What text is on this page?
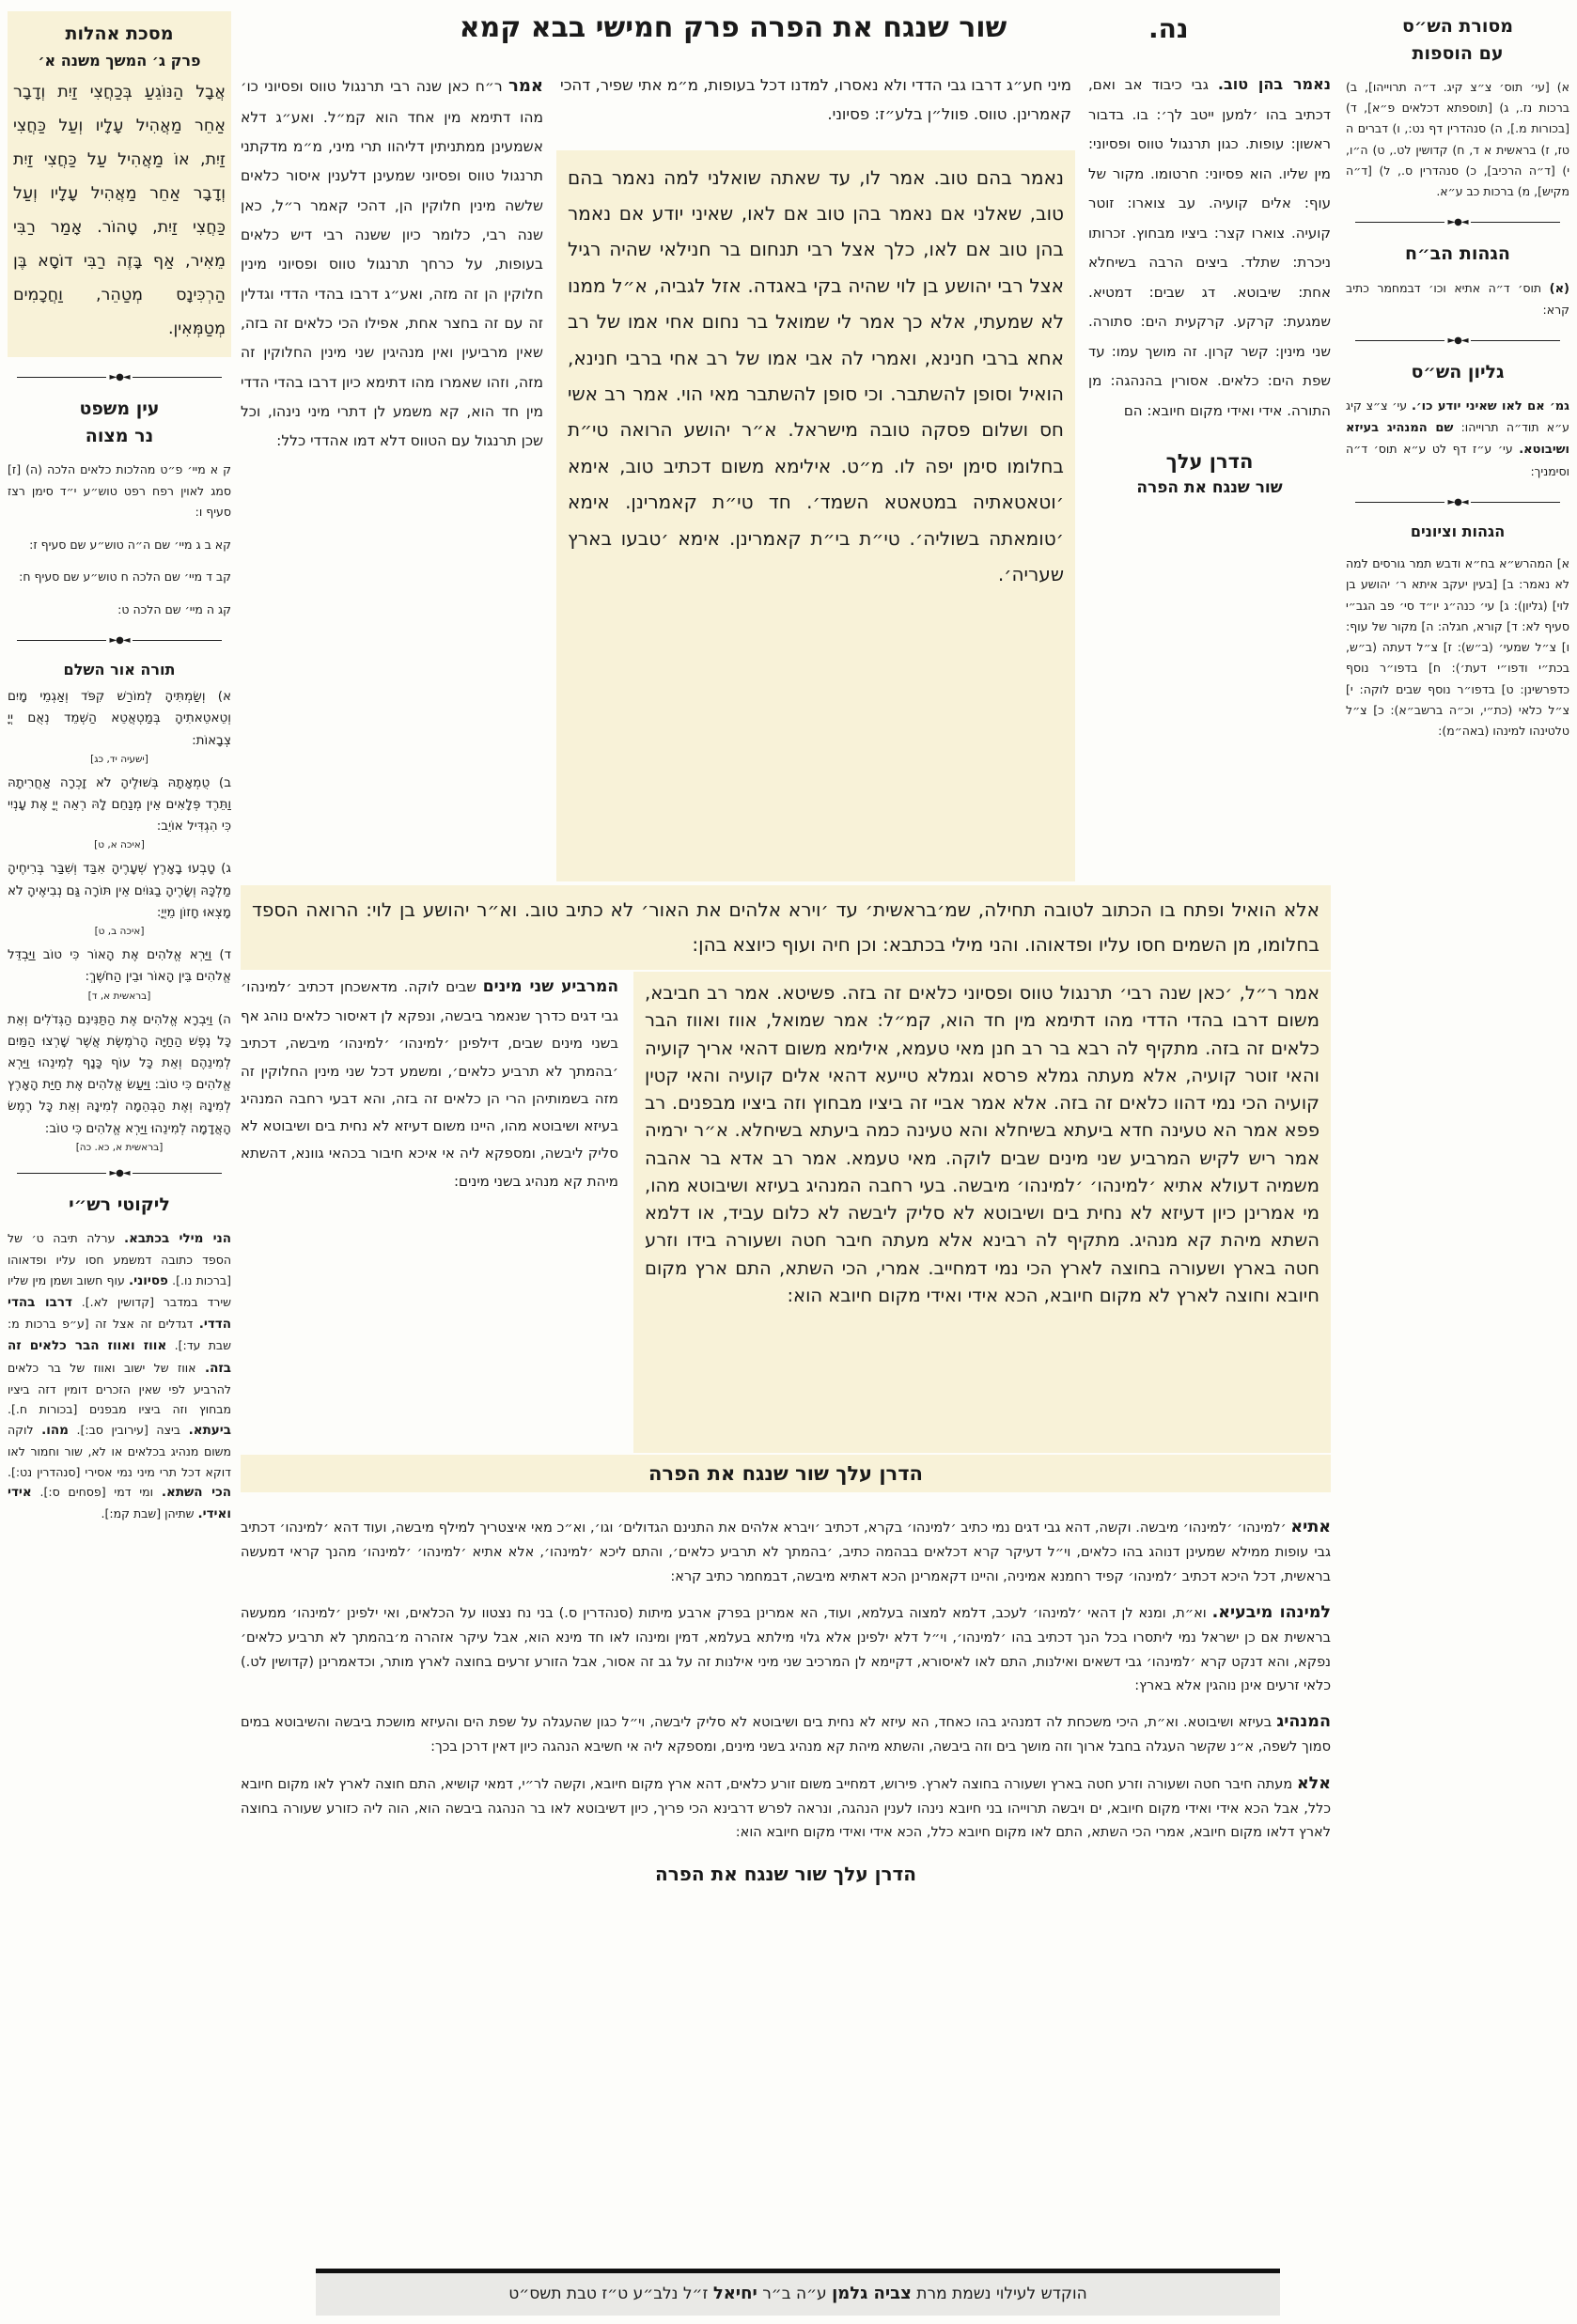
שור שנגח את הפרה פרק חמישי בבא קמא	נה.
מסכת אהלות
פרק ג׳ המשך משנה א׳
אֲבָל הַנּוֹגֵעַ בְּכַחֲצִי זַיִת וְדָבָר אַחֵר מַאֲהִיל עָלָיו וְעַל כַּחֲצִי זַיִת, אוֹ מַאֲהִיל עַל כַּחֲצִי זַיִת וְדָבָר אַחֵר מַאֲהִיל עָלָיו וְעַל כַּחֲצִי זַיִת, טָהוֹר. אָמַר רַבִּי מֵאִיר, אַף בָּזֶה רַבִּי דוֹסָא בֶּן הַרְכִּינָס מְטַהֵר, וַחֲכָמִים מְטַמְּאִין.
◄●►
עין משפט
נר מצוה

ק א מיי׳ פ״ט מהלכות כלאים הלכה (ה) [ז] סמג לאוין רפח רפט טוש״ע י״ד סימן רצז סעיף ו:

קא ב ג מיי׳ שם ה״ה טוש״ע שם סעיף ז:

קב ד מיי׳ שם הלכה ח טוש״ע שם סעיף ח:

קג ה מיי׳ שם הלכה ט:

◄●►
תורה אור השלם

א) וְשַׂמְתִּיהָ לְמוֹרַשׁ קִפֹּד וְאַגְמֵי מָיִם וְטֵאטֵאתִיהָ בְּמַטְאֲטֵא הַשְׁמֵד נְאֻם יְיָ צְבָאוֹת:

[ישעיה יד, כג]

ב) טֻמְאָתָהּ בְּשׁוּלֶיהָ לֹא זָכְרָה אַחֲרִיתָהּ וַתֵּרֶד פְּלָאִים אֵין מְנַחֵם לָהּ רְאֵה יְיָ אֶת עָנְיִי כִּי הִגְדִּיל אוֹיֵב:

[איכה א, ט]

ג) טָבְעוּ בָאָרֶץ שְׁעָרֶיהָ אִבַּד וְשִׁבַּר בְּרִיחֶיהָ מַלְכָּהּ וְשָׂרֶיהָ בַגּוֹיִם אֵין תּוֹרָה גַּם נְבִיאֶיהָ לֹא מָצְאוּ חָזוֹן מֵיְיָ:

[איכה ב, ט]

ד) וַיַּרְא אֱלֹהִים אֶת הָאוֹר כִּי טוֹב וַיַּבְדֵּל אֱלֹהִים בֵּין הָאוֹר וּבֵין הַחֹשֶׁךְ:

[בראשית א, ד]

ה) וַיִּבְרָא אֱלֹהִים אֶת הַתַּנִּינִם הַגְּדֹלִים וְאֵת כָּל נֶפֶשׁ הַחַיָּה הָרֹמֶשֶׂת אֲשֶׁר שָׁרְצוּ הַמַּיִם לְמִינֵהֶם וְאֵת כָּל עוֹף כָּנָף לְמִינֵהוּ וַיַּרְא אֱלֹהִים כִּי טוֹב: וַיַּעַשׂ אֱלֹהִים אֶת חַיַּת הָאָרֶץ לְמִינָהּ וְאֶת הַבְּהֵמָה לְמִינָהּ וְאֵת כָּל רֶמֶשׂ הָאֲדָמָה לְמִינֵהוּ וַיַּרְא אֱלֹהִים כִּי טוֹב:

[בראשית א, כא. כה]

◄●►
ליקוטי רש״י

הני מילי בכתבא. ערלה תיבה ט׳ של הספד כתובה דמשמע חסו עליו ופדאוהו [ברכות נו.]. פסיוני. עוף חשוב ושמן מין שליו שירד במדבר [קדושין לא.]. דרבו בהדי הדדי. דגדלים זה אצל זה [ע״פ ברכות מ: שבת עד:]. אווז ואווז הבר כלאים זה בזה. אווז של ישוב ואווז של בר כלאים להרביע לפי שאין הזכרים דומין דזה ביציו מבחוץ וזה ביציו מבפנים [בכורות ח.]. ביעתא. ביצה [עירובין סב:]. מהו. לוקה משום מנהיג בכלאים או לא, שור וחמור לאו דוקא דכל תרי מיני נמי אסירי [סנהדרין נט:]. הכי השתא. ומי דמי [פסחים ס:]. אידי ואידי. שתיהן [שבת קמ:].

מסורת הש״ס
עם הוספות

א) [עי׳ תוס׳ צ״צ קיג. ד״ה תרוייהו], ב) ברכות נז., ג) [תוספתא דכלאים פ״א], ד) [בכורות מ.], ה) סנהדרין דף נט:, ו) דברים ה טז, ז) בראשית א ד, ח) קדושין לט., ט) ה״ו, י) [ד״ה הרכיב], כ) סנהדרין ס., ל) [ד״ה מקיש], מ) ברכות כב ע״א.

◄●►
הגהות הב״ח

(א) תוס׳ ד״ה אתיא וכו׳ דבמחמר כתיב קרא:

◄●►
גליון הש״ס

גמ׳ אם לאו שאיני יודע כו׳. עי׳ צ״צ קיג ע״א תוד״ה תרוייהו: שם המנהיג בעיזא ושיבוטא. עי׳ ע״ז דף לט ע״א תוס׳ ד״ה וסימניך:

◄●►
הגהות וציונים

א] המהרש״א בח״א ודבש תמר גורסים למה לא נאמר: ב] [בעין יעקב איתא ר׳ יהושע בן לוי] (גליון): ג] עי׳ כנה״ג יו״ד סי׳ פב הגב״י סעיף לא: ד] קורא, חגלה: ה] מקור של עוף: ו] צ״ל שמעי׳ (ב״ש): ז] צ״ל דעתה (ב״ש, בכת״י ודפו״י דעת׳): ח] בדפו״ר נוסף כדפרשינן: ט] בדפו״ר נוסף שבים לוקה: י] צ״ל כלאי (כת״י, וכ״ה ברשב״א): כ] צ״ל טלטינהו למינהו (באה״מ):

נאמר בהן טוב. גבי כיבוד אב ואם, דכתיב בהו ׳למען ייטב לך׳: בו. בדבור ראשון: עופות. כגון תרנגול טווס ופסיוני: מין שליו. הוא פסיוני: חרטומו. מקור של עוף: אלים קועיה. עב צוארו: זוטר קועיה. צוארו קצר: ביציו מבחוץ. זכרותו ניכרת: שתלד. ביצים הרבה בשיחלא אחת: שיבוטא. דג שבים: דמטיא. שמגעת: קרקע. קרקעית הים: סתורה. שני מינין: קשר קרון. זה מושך עמו: עד שפת הים: כלאים. אסורין בהנהגה: מן התורה. אידי ואידי מקום חיובא: הם

הדרן עלך
שור שנגח את הפרה

מיני חע״ג דרבו גבי הדדי ולא נאסרו, למדנו דכל בעופות, מ״מ אתי שפיר, דהכי קאמרינן. טווס. פוול״ן בלע״ז: פסיוני.

נאמר בהם טוב. אמר לו, עד שאתה שואלני למה נאמר בהם טוב, שאלני אם נאמר בהן טוב אם לאו, שאיני יודע אם נאמר בהן טוב אם לאו, כלך אצל רבי תנחום בר חנילאי שהיה רגיל אצל רבי יהושע בן לוי שהיה בקי באגדה. אזל לגביה, א״ל ממנו לא שמעתי, אלא כך אמר לי שמואל בר נחום אחי אמו של רב אחא ברבי חנינא, ואמרי לה אבי אמו של רב אחי ברבי חנינא, הואיל וסופן להשתבר. וכי סופן להשתבר מאי הוי. אמר רב אשי חס ושלום פסקה טובה מישראל. א״ר יהושע הרואה טי״ת בחלומו סימן יפה לו. מ״ט. אילימא משום דכתיב טוב, אימא ׳וטאטאתיה במטאטא השמד׳. חד טי״ת קאמרינן. אימא ׳טומאתה בשוליה׳. טי״ת בי״ת קאמרינן. אימא ׳טבעו בארץ שעריה׳.

אמר ר״ח כאן שנה רבי תרנגול טווס ופסיוני כו׳ מהו דתימא מין אחד הוא קמ״ל. ואע״ג דלא אשמעינן ממתניתין דליהוו תרי מיני, מ״מ מדקתני תרנגול טווס ופסיוני שמעינן דלענין איסור כלאים שלשה מינין חלוקין הן, דהכי קאמר ר״ל, כאן שנה רבי, כלומר כיון ששנה רבי דיש כלאים בעופות, על כרחך תרנגול טווס ופסיוני מינין חלוקין הן זה מזה, ואע״ג דרבו בהדי הדדי וגדלין זה עם זה בחצר אחת, אפילו הכי כלאים זה בזה, שאין מרביעין ואין מנהיגין שני מינין החלוקין זה מזה, וזהו שאמרו מהו דתימא כיון דרבו בהדי הדדי מין חד הוא, קא משמע לן דתרי מיני נינהו, וכל שכן תרנגול עם הטווס דלא דמו אהדדי כלל:

אלא הואיל ופתח בו הכתוב לטובה תחילה, שמ׳בראשית׳ עד ׳וירא אלהים את האור׳ לא כתיב טוב. וא״ר יהושע בן לוי: הרואה הספד בחלומו, מן השמים חסו עליו ופדאוהו. והני מילי בכתבא: וכן חיה ועוף כיוצא בהן:
אמר ר״ל, ׳כאן שנה רבי׳ תרנגול טווס ופסיוני כלאים זה בזה. פשיטא. אמר רב חביבא, משום דרבו בהדי הדדי מהו דתימא מין חד הוא, קמ״ל: אמר שמואל, אווז ואווז הבר כלאים זה בזה. מתקיף לה רבא בר רב חנן מאי טעמא, אילימא משום דהאי אריך קועיה והאי זוטר קועיה, אלא מעתה גמלא פרסא וגמלא טייעא דהאי אלים קועיה והאי קטין קועיה הכי נמי דהוו כלאים זה בזה. אלא אמר אביי זה ביציו מבחוץ וזה ביציו מבפנים. רב פפא אמר הא טעינה חדא ביעתא בשיחלא והא טעינה כמה ביעתא בשיחלא. א״ר ירמיה אמר ריש לקיש המרביע שני מינים שבים לוקה. מאי טעמא. אמר רב אדא בר אהבה משמיה דעולא אתיא ׳למינהו׳ ׳למינהו׳ מיבשה. בעי רחבה המנהיג בעיזא ושיבוטא מהו, מי אמרינן כיון דעיזא לא נחית בים ושיבוטא לא סליק ליבשה לא כלום עביד, או דלמא השתא מיהת קא מנהיג. מתקיף לה רבינא אלא מעתה חיבר חטה ושעורה בידו וזרע חטה בארץ ושעורה בחוצה לארץ הכי נמי דמחייב. אמרי, הכי השתא, התם ארץ מקום חיובא וחוצה לארץ לא מקום חיובא, הכא אידי ואידי מקום חיובא הוא:
המרביע שני מינים שבים לוקה. מדאשכחן דכתיב ׳למינהו׳ גבי דגים כדרך שנאמר ביבשה, ונפקא לן דאיסור כלאים נוהג אף בשני מינים שבים, דילפינן ׳למינהו׳ ׳למינהו׳ מיבשה, דכתיב ׳בהמתך לא תרביע כלאים׳, ומשמע דכל שני מינין החלוקין זה מזה בשמותיהן הרי הן כלאים זה בזה, והא דבעי רחבה המנהיג בעיזא ושיבוטא מהו, היינו משום דעיזא לא נחית בים ושיבוטא לא סליק ליבשה, ומספקא ליה אי איכא חיבור בכהאי גוונא, דהשתא מיהת קא מנהיג בשני מינים:
הדרן עלך שור שנגח את הפרה

אתיא ׳למינהו׳ ׳למינהו׳ מיבשה. וקשה, דהא גבי דגים נמי כתיב ׳למינהו׳ בקרא, דכתיב ׳ויברא אלהים את התנינם הגדולים׳ וגו׳, וא״כ מאי איצטריך למילף מיבשה, ועוד דהא ׳למינהו׳ דכתיב גבי עופות ממילא שמעינן דנוהג בהו כלאים, וי״ל דעיקר קרא דכלאים בבהמה כתיב, ׳בהמתך לא תרביע כלאים׳, והתם ליכא ׳למינהו׳, אלא אתיא ׳למינהו׳ ׳למינהו׳ מהנך קראי דמעשה בראשית, דכל היכא דכתיב ׳למינהו׳ קפיד רחמנא אמיניה, והיינו דקאמרינן הכא דאתיא מיבשה, דבמחמר כתיב קרא:

למינהו מיבעיא. וא״ת, ומנא לן דהאי ׳למינהו׳ לעכב, דלמא למצוה בעלמא, ועוד, הא אמרינן בפרק ארבע מיתות (סנהדרין ס.) בני נח נצטוו על הכלאים, ואי ילפינן ׳למינהו׳ ממעשה בראשית אם כן ישראל נמי ליתסרו בכל הנך דכתיב בהו ׳למינהו׳, וי״ל דלא ילפינן אלא גלוי מילתא בעלמא, דמין ומינהו לאו חד מינא הוא, אבל עיקר אזהרה מ׳בהמתך לא תרביע כלאים׳ נפקא, והא דנקט קרא ׳למינהו׳ גבי דשאים ואילנות, התם לאו לאיסורא, דקיימא לן המרכיב שני מיני אילנות זה על גב זה אסור, אבל הזורע זרעים בחוצה לארץ מותר, וכדאמרינן (קדושין לט.) כלאי זרעים אינן נוהגין אלא בארץ:

המנהיג בעיזא ושיבוטא. וא״ת, היכי משכחת לה דמנהיג בהו כאחד, הא עיזא לא נחית בים ושיבוטא לא סליק ליבשה, וי״ל כגון שהעגלה על שפת הים והעיזא מושכת ביבשה והשיבוטא במים סמוך לשפה, א״נ שקשר העגלה בחבל ארוך וזה מושך בים וזה ביבשה, והשתא מיהת קא מנהיג בשני מינים, ומספקא ליה אי חשיבא הנהגה כיון דאין דרכן בכך:

אלא מעתה חיבר חטה ושעורה וזרע חטה בארץ ושעורה בחוצה לארץ. פירוש, דמחייב משום זורע כלאים, דהא ארץ מקום חיובא, וקשה לר״י, דמאי קושיא, התם חוצה לארץ לאו מקום חיובא כלל, אבל הכא אידי ואידי מקום חיובא, ים ויבשה תרוייהו בני חיובא נינהו לענין הנהגה, ונראה לפרש דרבינא הכי פריך, כיון דשיבוטא לאו בר הנהגה ביבשה הוא, הוה ליה כזורע שעורה בחוצה לארץ דלאו מקום חיובא, אמרי הכי השתא, התם לאו מקום חיובא כלל, הכא אידי ואידי מקום חיובא הוא:

הדרן עלך שור שנגח את הפרה
הוקדש לעילוי נשמת מרת צביה גלמן ע״ה ב״ר יחיאל ז״ל נלב״ע ט״ז טבת תשס״ט
